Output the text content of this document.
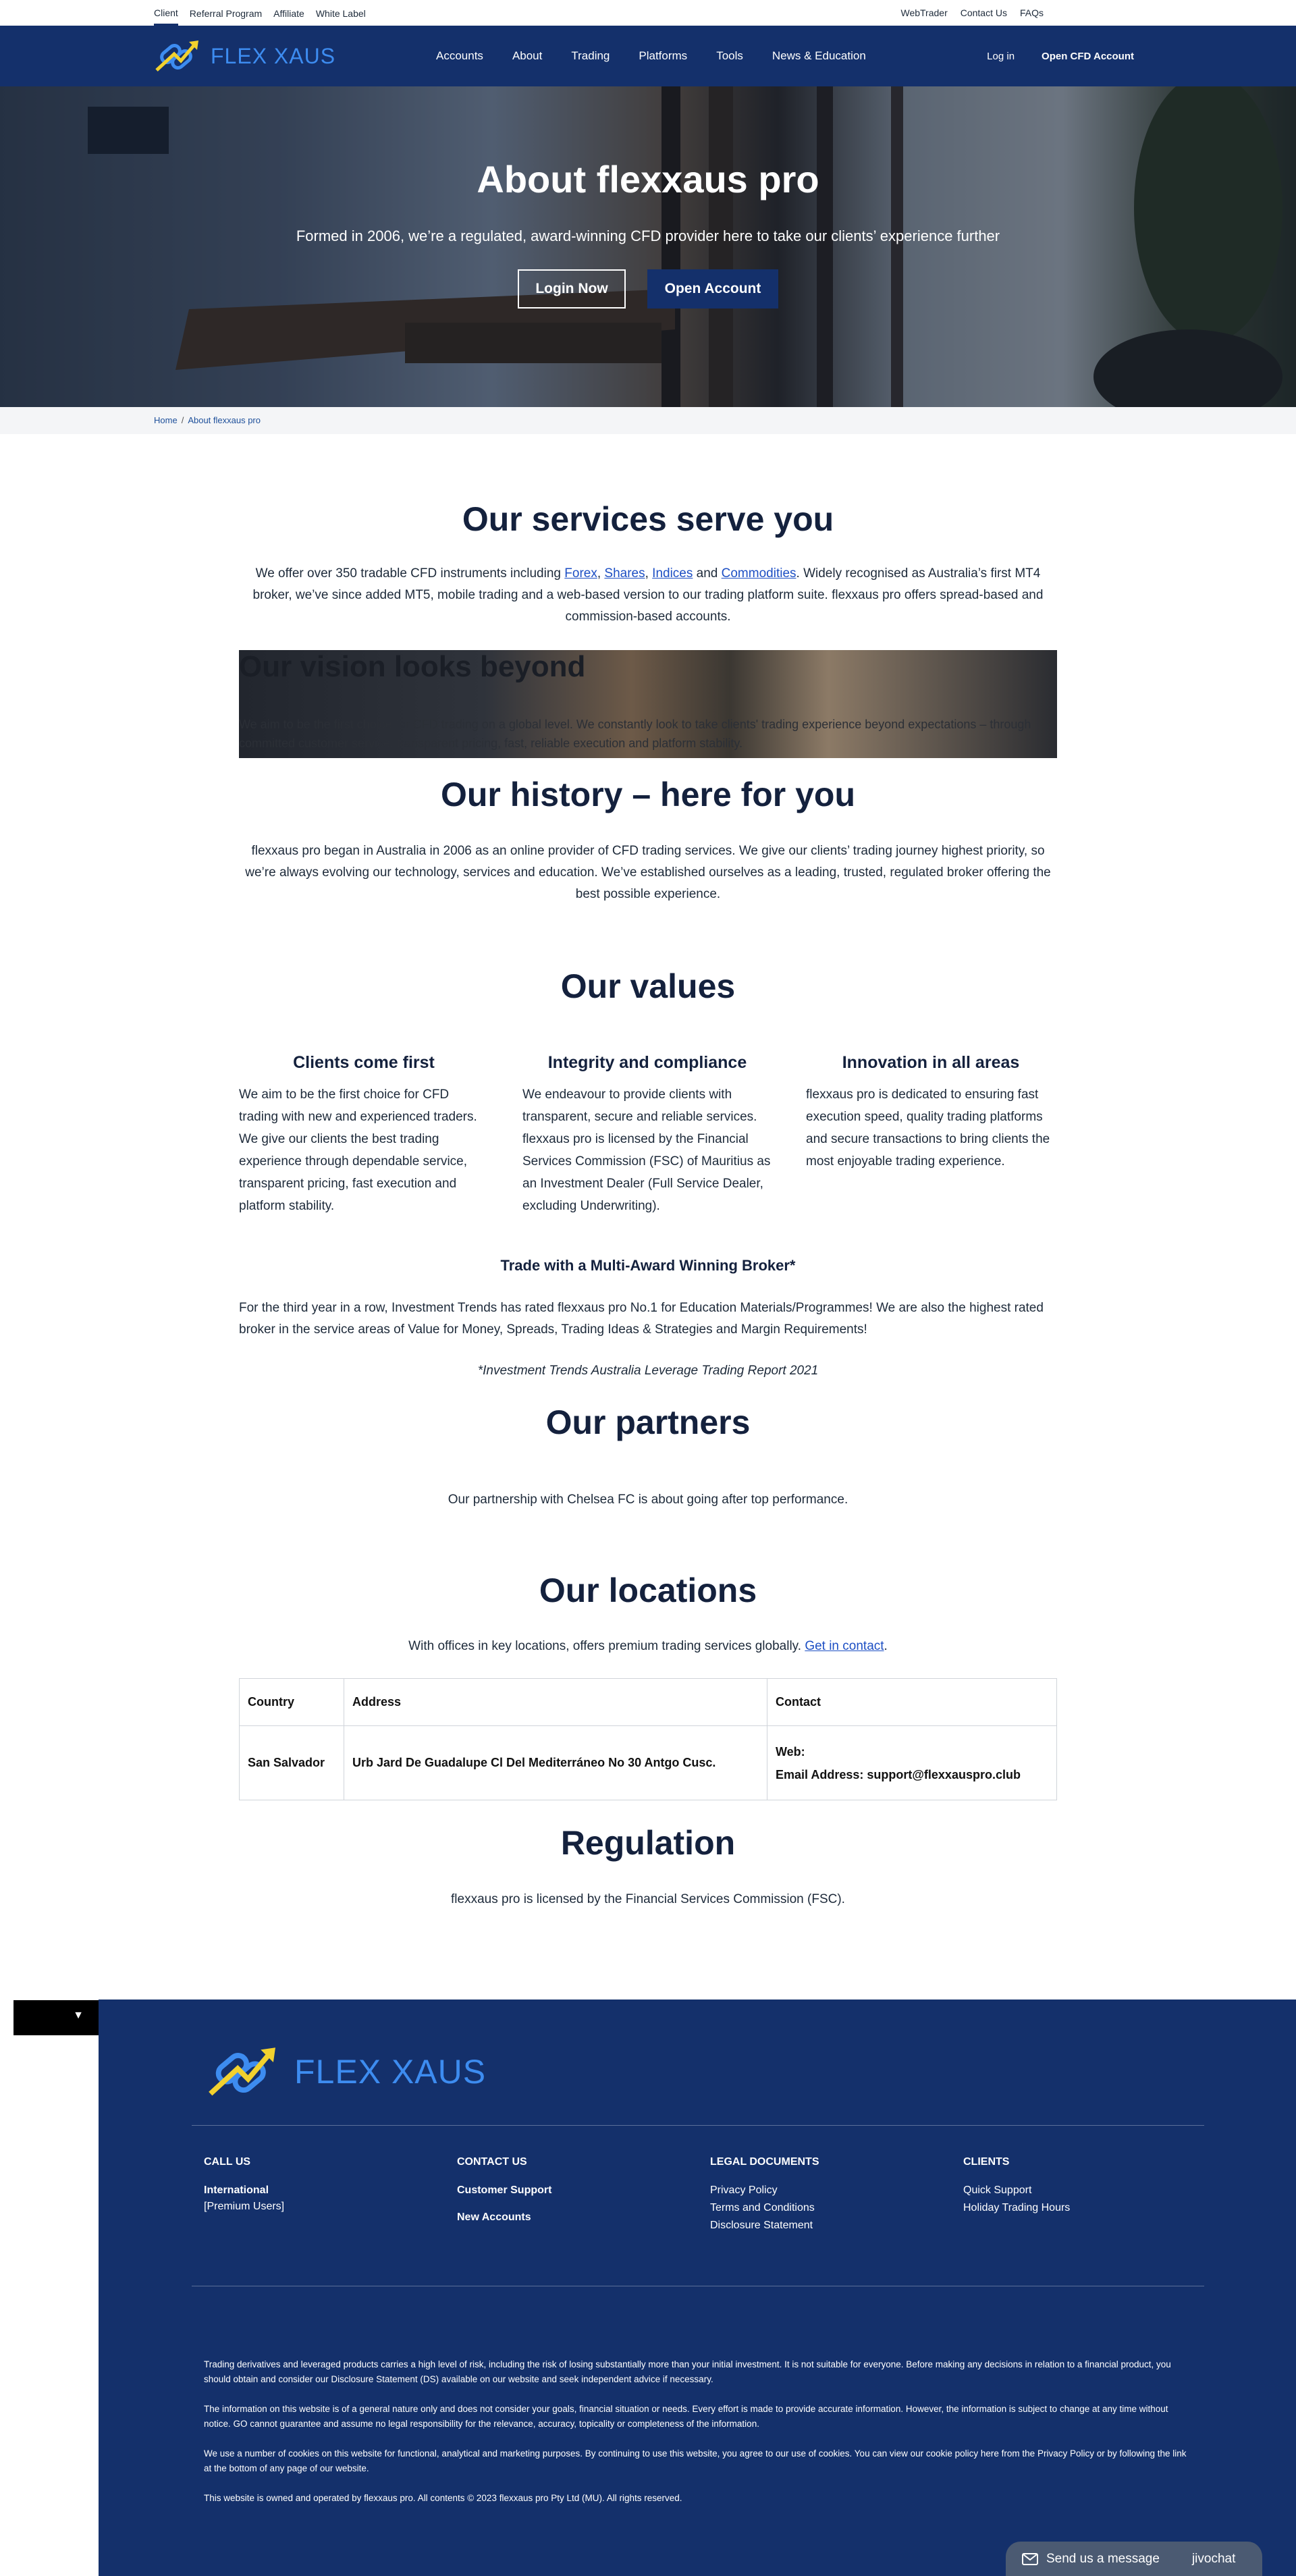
Client Referral Program Affiliate White Label	WebTrader Contact Us FAQs
FLEX XAUS	Accounts	About	Trading	Platforms	Tools	News & Education	Log in	Open CFD Account
About flexxaus pro

Formed in 2006, we’re a regulated, award-winning CFD provider here to take our clients’ experience further

Login Now	Open Account
Home / About flexxaus pro
Our services serve you

We offer over 350 tradable CFD instruments including Forex, Shares, Indices and Commodities. Widely recognised as Australia’s first MT4 broker, we’ve since added MT5, mobile trading and a web-based version to our trading platform suite. flexxaus pro offers spread-based and commission-based accounts.

Our vision looks beyond

We aim to be the first choice for CFD trading on a global level. We constantly look to take clients' trading experience beyond expectations – through committed customer service, transparent pricing, fast, reliable execution and platform stability.

Our history – here for you

flexxaus pro began in Australia in 2006 as an online provider of CFD trading services. We give our clients’ trading journey highest priority, so we’re always evolving our technology, services and education. We’ve established ourselves as a leading, trusted, regulated broker offering the best possible experience.

Our values
Clients come first

We aim to be the first choice for CFD trading with new and experienced traders. We give our clients the best trading experience through dependable service, transparent pricing, fast execution and platform stability.

Integrity and compliance

We endeavour to provide clients with transparent, secure and reliable services. flexxaus pro is licensed by the Financial Services Commission (FSC) of Mauritius as an Investment Dealer (Full Service Dealer, excluding Underwriting).

Innovation in all areas

flexxaus pro is dedicated to ensuring fast execution speed, quality trading platforms and secure transactions to bring clients the most enjoyable trading experience.

Trade with a Multi-Award Winning Broker*

For the third year in a row, Investment Trends has rated flexxaus pro No.1 for Education Materials/Programmes! We are also the highest rated broker in the service areas of Value for Money, Spreads, Trading Ideas & Strategies and Margin Requirements!

*Investment Trends Australia Leverage Trading Report 2021

Our partners

Our partnership with Chelsea FC is about going after top performance.

Our locations

With offices in key locations, offers premium trading services globally. Get in contact.

Country	Address	Contact
San Salvador	Urb Jard De Guadalupe Cl Del Mediterráneo No 30 Antgo Cusc.	Web:
Email Address: support@flexxauspro.club
Regulation

flexxaus pro is licensed by the Financial Services Commission (FSC).

▼
FLEX XAUS
CALL US
International
[Premium Users]
CONTACT US
Customer Support
New Accounts
LEGAL DOCUMENTS
Privacy Policy
Terms and Conditions
Disclosure Statement
CLIENTS
Quick Support
Holiday Trading Hours

Trading derivatives and leveraged products carries a high level of risk, including the risk of losing substantially more than your initial investment. It is not suitable for everyone. Before making any decisions in relation to a financial product, you should obtain and consider our Disclosure Statement (DS) available on our website and seek independent advice if necessary.

The information on this website is of a general nature only and does not consider your goals, financial situation or needs. Every effort is made to provide accurate information. However, the information is subject to change at any time without notice. GO cannot guarantee and assume no legal responsibility for the relevance, accuracy, topicality or completeness of the information.

We use a number of cookies on this website for functional, analytical and marketing purposes. By continuing to use this website, you agree to our use of cookies. You can view our cookie policy here from the Privacy Policy or by following the link at the bottom of any page of our website.

This website is owned and operated by flexxaus pro. All contents © 2023 flexxaus pro Pty Ltd (MU). All rights reserved.

Send us a message	jivochat
